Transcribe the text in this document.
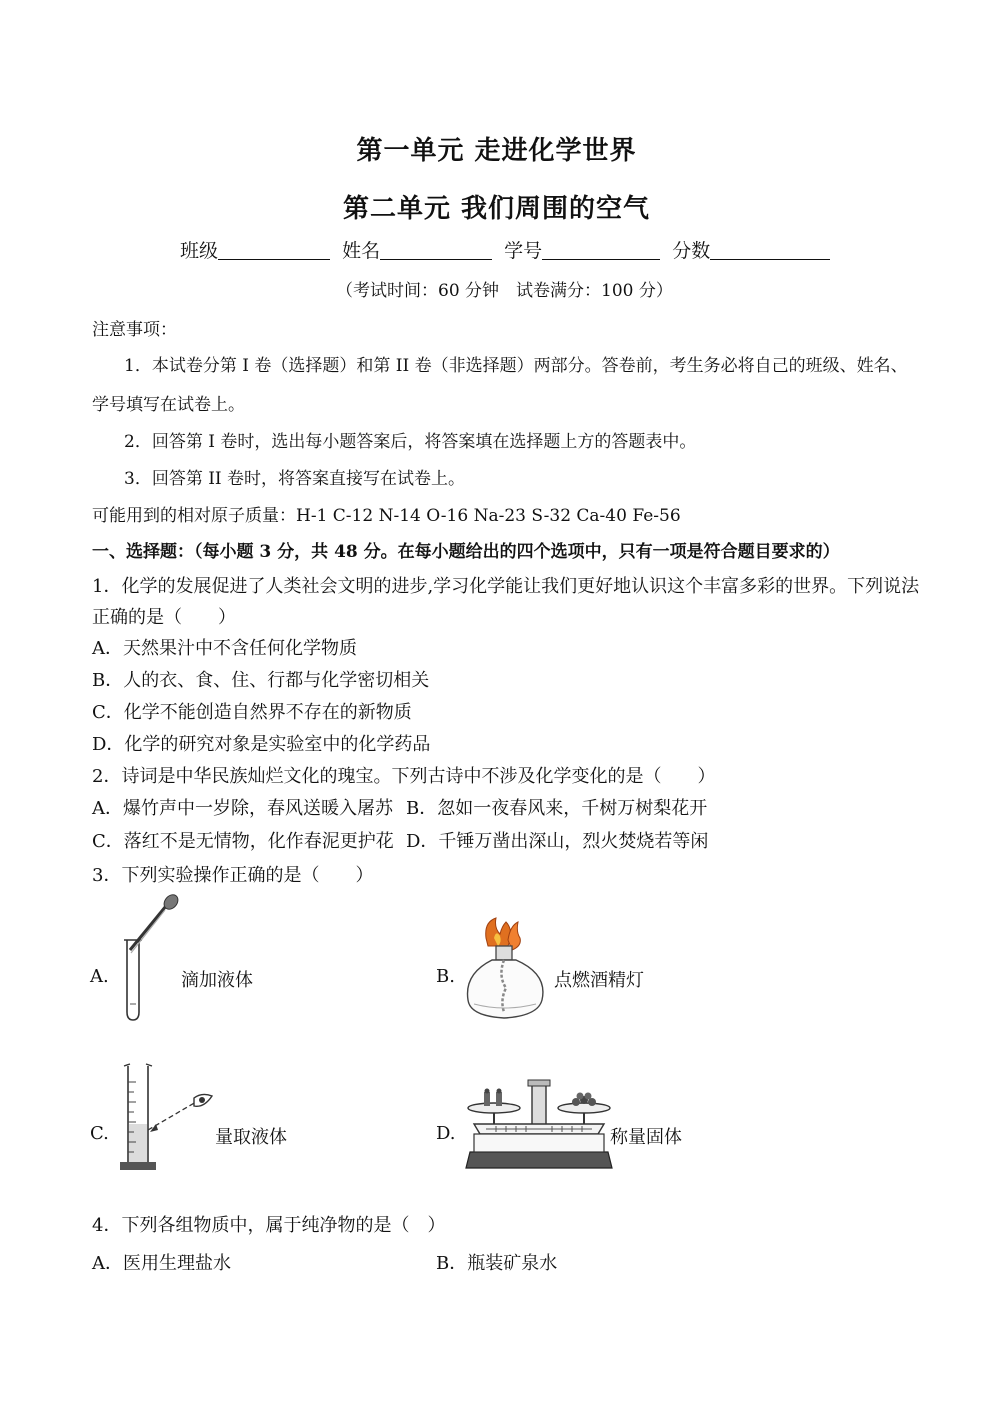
第一单元 走进化学世界
第二单元 我们周围的空气
班级	姓名	学号	分数
（考试时间：60 分钟　试卷满分：100 分）
注意事项：
1．本试卷分第 I 卷（选择题）和第 II 卷（非选择题）两部分。答卷前，考生务必将自己的班级、姓名、
学号填写在试卷上。
2．回答第 I 卷时，选出每小题答案后，将答案填在选择题上方的答题表中。
3．回答第 II 卷时，将答案直接写在试卷上。
可能用到的相对原子质量：H-1 C-12 N-14 O-16 Na-23 S-32 Ca-40 Fe-56
一、选择题：（每小题 3 分，共 48 分。在每小题给出的四个选项中，只有一项是符合题目要求的）
1．化学的发展促进了人类社会文明的进步,学习化学能让我们更好地认识这个丰富多彩的世界。下列说法
正确的是（　　）
A．天然果汁中不含任何化学物质
B．人的衣、食、住、行都与化学密切相关
C．化学不能创造自然界不存在的新物质
D．化学的研究对象是实验室中的化学药品
2．诗词是中华民族灿烂文化的瑰宝。下列古诗中不涉及化学变化的是（　　）
A．爆竹声中一岁除，春风送暖入屠苏 B．忽如一夜春风来，千树万树梨花开
C．落红不是无情物，化作春泥更护花 D．千锤万凿出深山，烈火焚烧若等闲
3．下列实验操作正确的是（　　）
A.	滴加液体	B.	点燃酒精灯
C.	量取液体	D.	称量固体
4．下列各组物质中，属于纯净物的是（　）
A．医用生理盐水	B．瓶装矿泉水
